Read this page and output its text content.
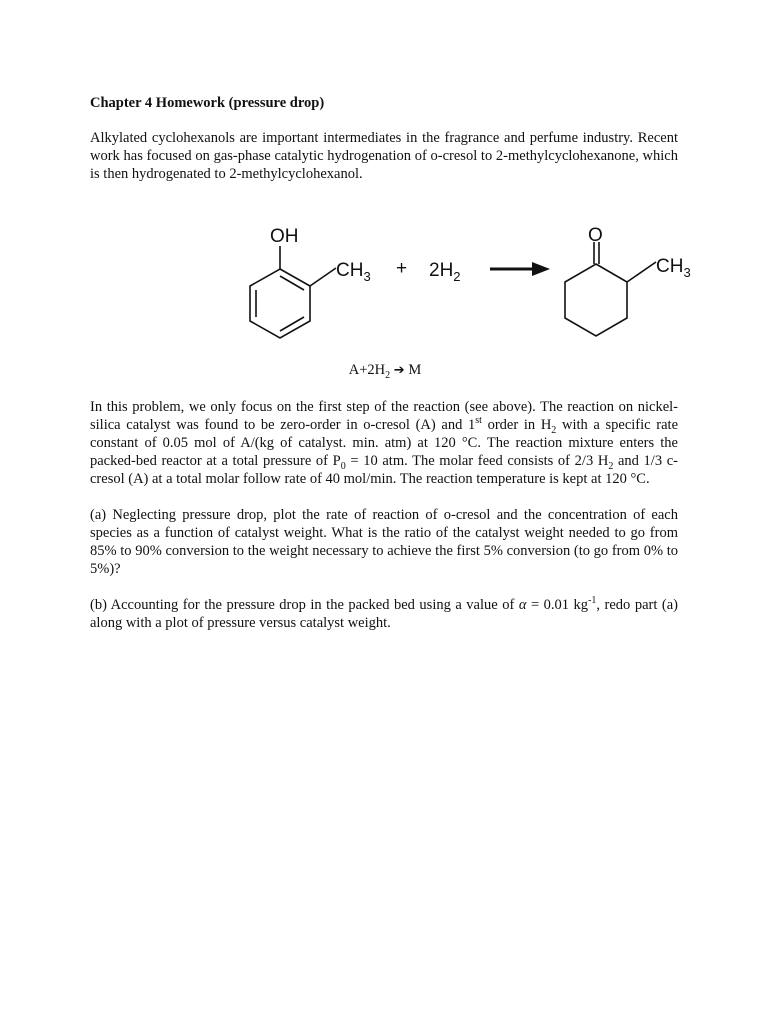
Chapter 4 Homework (pressure drop)

Alkylated cyclohexanols are important intermediates in the fragrance and perfume industry. Recent work has focused on gas-phase catalytic hydrogenation of o-cresol to 2-methylcyclohexanone, which is then hydrogenated to 2-methylcyclohexanol.

OH
$CH_3 + 2H_2$
O
$CH_3$
$A+2H_2$ ➔ M

In this problem, we only focus on the first step of the reaction (see above). The reaction on nickel-silica catalyst was found to be zero-order in o-cresol (A) and 1st order in $H_2$ with a specific rate constant of 0.05 mol of A/(kg of catalyst. min. atm) at 120 °C. The reaction mixture enters the packed-bed reactor at a total pressure of $P_0 = 10$ atm. The molar feed consists of 2/3 $H_2$ and 1/3 c-cresol (A) at a total molar follow rate of 40 mol/min. The reaction temperature is kept at 120 °C.

(a) Neglecting pressure drop, plot the rate of reaction of o-cresol and the concentration of each species as a function of catalyst weight. What is the ratio of the catalyst weight needed to go from 85% to 90% conversion to the weight necessary to achieve the first 5% conversion (to go from 0% to 5%)?

(b) Accounting for the pressure drop in the packed bed using a value of α = 0.01 $kg^{-1}$, redo part (a) along with a plot of pressure versus catalyst weight.
